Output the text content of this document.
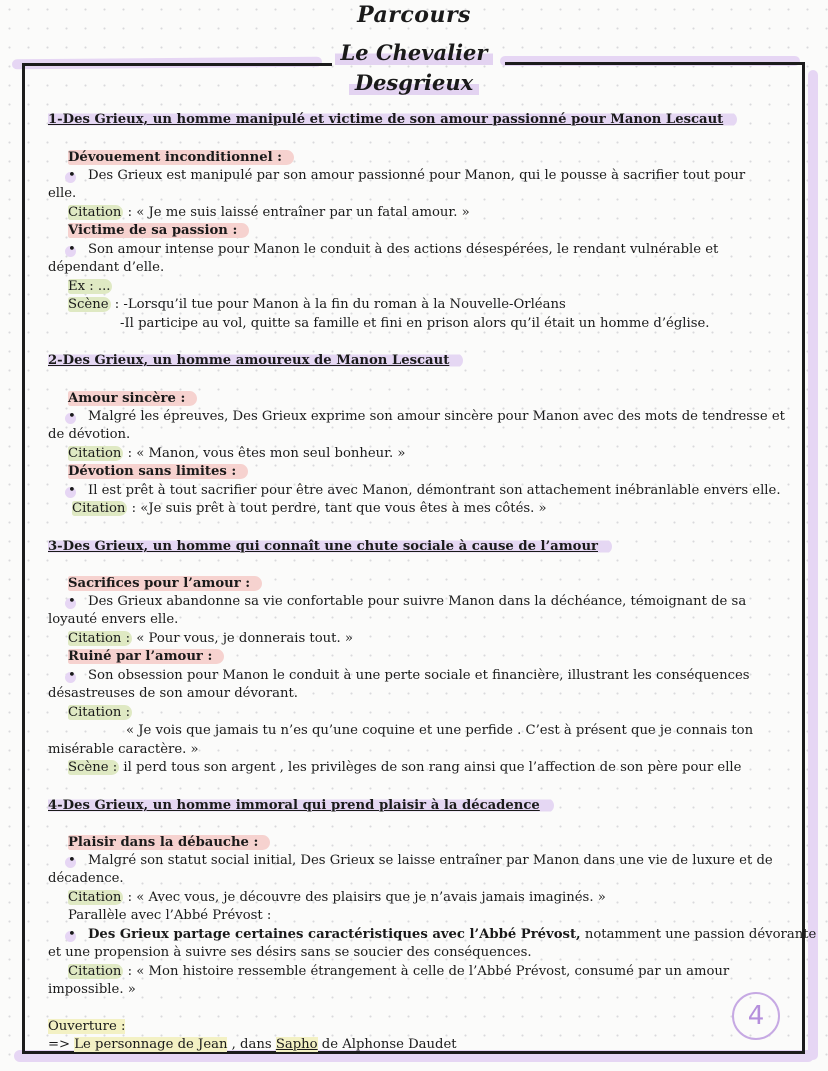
Parcours
Le Chevalier
Desgrieux
1-Des Grieux, un homme manipulé et victime de son amour passionné pour Manon Lescaut
Dévouement inconditionnel :
• Des Grieux est manipulé par son amour passionné pour Manon, qui le pousse à sacrifier tout pour
elle.
Citation : « Je me suis laissé entraîner par un fatal amour. »
Victime de sa passion :
• Son amour intense pour Manon le conduit à des actions désespérées, le rendant vulnérable et
dépendant d’elle.
Ex : ...
Scène : -Lorsqu’il tue pour Manon à la fin du roman à la Nouvelle-Orléans
-Il participe au vol, quitte sa famille et fini en prison alors qu’il était un homme d’église.
2-Des Grieux, un homme amoureux de Manon Lescaut
Amour sincère :
• Malgré les épreuves, Des Grieux exprime son amour sincère pour Manon avec des mots de tendresse et
de dévotion.
Citation : « Manon, vous êtes mon seul bonheur. »
Dévotion sans limites :
• Il est prêt à tout sacrifier pour être avec Manon, démontrant son attachement inébranlable envers elle.
Citation : «Je suis prêt à tout perdre, tant que vous êtes à mes côtés. »
3-Des Grieux, un homme qui connaît une chute sociale à cause de l’amour
Sacrifices pour l’amour :
• Des Grieux abandonne sa vie confortable pour suivre Manon dans la déchéance, témoignant de sa
loyauté envers elle.
Citation : « Pour vous, je donnerais tout. »
Ruiné par l’amour :
• Son obsession pour Manon le conduit à une perte sociale et financière, illustrant les conséquences
désastreuses de son amour dévorant.
Citation :
« Je vois que jamais tu n’es qu’une coquine et une perfide . C’est à présent que je connais ton
misérable caractère. »
Scène : il perd tous son argent , les privilèges de son rang ainsi que l’affection de son père pour elle
4-Des Grieux, un homme immoral qui prend plaisir à la décadence
Plaisir dans la débauche :
• Malgré son statut social initial, Des Grieux se laisse entraîner par Manon dans une vie de luxure et de
décadence.
Citation : « Avec vous, je découvre des plaisirs que je n’avais jamais imaginés. »
Parallèle avec l’Abbé Prévost :
• Des Grieux partage certaines caractéristiques avec l’Abbé Prévost, notamment une passion dévorante
et une propension à suivre ses désirs sans se soucier des conséquences.
Citation : « Mon histoire ressemble étrangement à celle de l’Abbé Prévost, consumé par un amour
impossible. »
Ouverture :
=> Le personnage de Jean , dans Sapho de Alphonse Daudet
4
